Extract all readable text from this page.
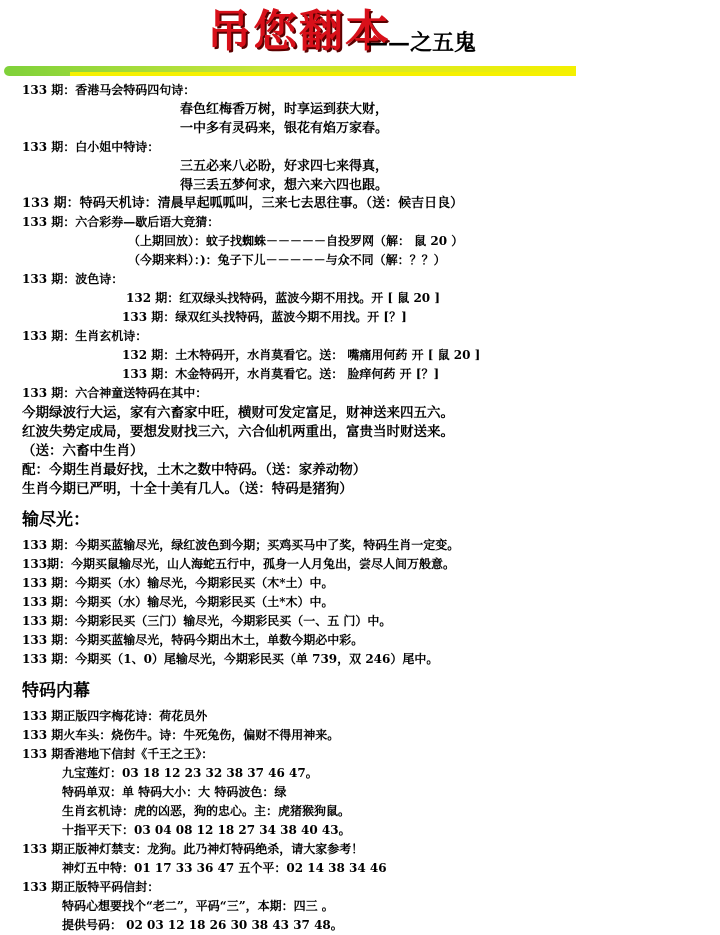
吊您翻本
——之五鬼
133 期：香港马会特码四句诗：
春色红梅香万树，时享运到获大财，
一中多有灵码来，银花有焰万家春。
133 期：白小姐中特诗：
三五必来八必盼，好求四七来得真，
得三丢五梦何求，想六来六四也跟。
133 期：特码天机诗：清晨早起呱呱叫，三来七去思往事。（送：候吉日良）
133 期：六合彩券—歇后语大竞猜：
（上期回放）：蚊子找蜘蛛－－－－－自投罗网（解： 鼠 20 ）
（今期来料）：)：兔子下儿－－－－－与众不同（解：？？）
133 期：波色诗：
132 期：红双绿头找特码，蓝波今期不用找。开 [ 鼠 20 ]
133 期：绿双红头找特码，蓝波今期不用找。开 [？]
133 期：生肖玄机诗：
132 期：土木特码开，水肖莫看它。送： 嘴痛用何药 开 [ 鼠 20 ]
133 期：木金特码开，水肖莫看它。送： 脸痒何药 开 [？]
133 期：六合神童送特码在其中：
今期绿波行大运，家有六畜家中旺，横财可发定富足，财神送来四五六。
红波失势定成局，要想发财找三六，六合仙机两重出，富贵当时财送来。
（送：六畜中生肖）
配：今期生肖最好找，土木之数中特码。（送：家养动物）
生肖今期已严明，十全十美有几人。（送：特码是猪狗）
输尽光：
133 期：今期买蓝输尽光，绿红波色到今期；买鸡买马中了奖，特码生肖一定变。
133期：今期买鼠输尽光，山人海蛇五行中，孤身一人月兔出，尝尽人间万般意。
133 期：今期买（水）输尽光，今期彩民买（木*土）中。
133 期：今期买（水）输尽光，今期彩民买（土*木）中。
133 期：今期彩民买（三门）输尽光，今期彩民买（一、五 门）中。
133 期：今期买蓝输尽光，特码今期出木土，单数今期必中彩。
133 期：今期买（1、0）尾输尽光，今期彩民买（单 739，双 246）尾中。
特码内幕
133 期正版四字梅花诗：荷花员外
133 期火车头：烧伤牛。诗：牛死兔伤，偏财不得用神来。
133 期香港地下信封《千王之王》：
九宝莲灯：03 18 12 23 32 38 37 46 47。
特码单双：单 特码大小：大 特码波色：绿
生肖玄机诗：虎的凶恶，狗的忠心。主：虎猪猴狗鼠。
十指平天下：03 04 08 12 18 27 34 38 40 43。
133 期正版神灯禁支：龙狗。此乃神灯特码绝杀，请大家参考！
神灯五中特：01 17 33 36 47 五个平：02 14 38 34 46
133 期正版特平码信封：
特码心想要找个“老二”，平码“三”，本期：四三 。
提供号码： 02 03 12 18 26 30 38 43 37 48。
